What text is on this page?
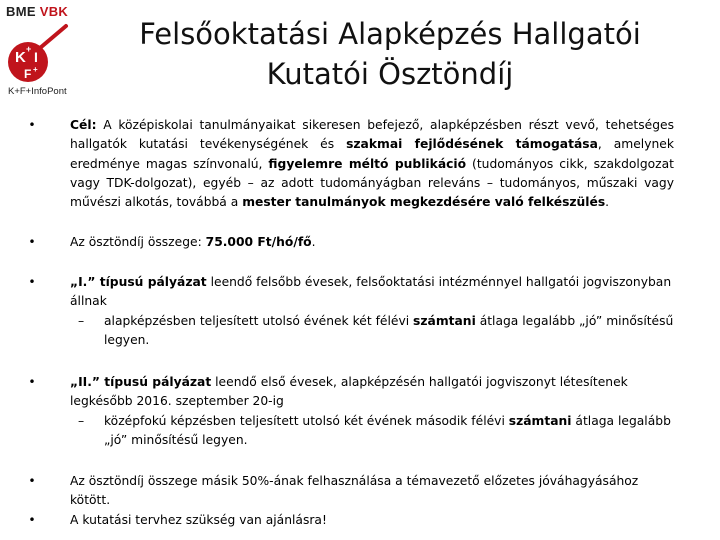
BME VBK
K + I
F +
K+F+InfoPont
Felsőoktatási Alapképzés Hallgatói
Kutatói Ösztöndíj
•	Cél: A középiskolai tanulmányaikat sikeresen befejező, alapképzésben részt vevő, tehetséges hallgatók kutatási tevékenységének és szakmai fejlődésének támogatása, amelynek eredménye magas színvonalú, figyelemre méltó publikáció (tudományos cikk, szakdolgozat vagy TDK-dolgozat), egyéb – az adott tudományágban releváns – tudományos, műszaki vagy művészi alkotás, továbbá a mester tanulmányok megkezdésére való felkészülés.
•	Az ösztöndíj összege: 75.000 Ft/hó/fő.
•	„I.” típusú pályázat leendő felsőbb évesek, felsőoktatási intézménnyel hallgatói jogviszonyban állnak
– alapképzésben teljesített utolsó évének két félévi számtani átlaga legalább „jó” minősítésű legyen.
•	„II.” típusú pályázat leendő első évesek, alapképzésén hallgatói jogviszonyt létesítenek legkésőbb 2016. szeptember 20-ig
– középfokú képzésben teljesített utolsó két évének második félévi számtani átlaga legalább „jó” minősítésű legyen.
•	Az ösztöndíj összege másik 50%-ának felhasználása a témavezető előzetes jóváhagyásához kötött.
•	A kutatási tervhez szükség van ajánlásra!
